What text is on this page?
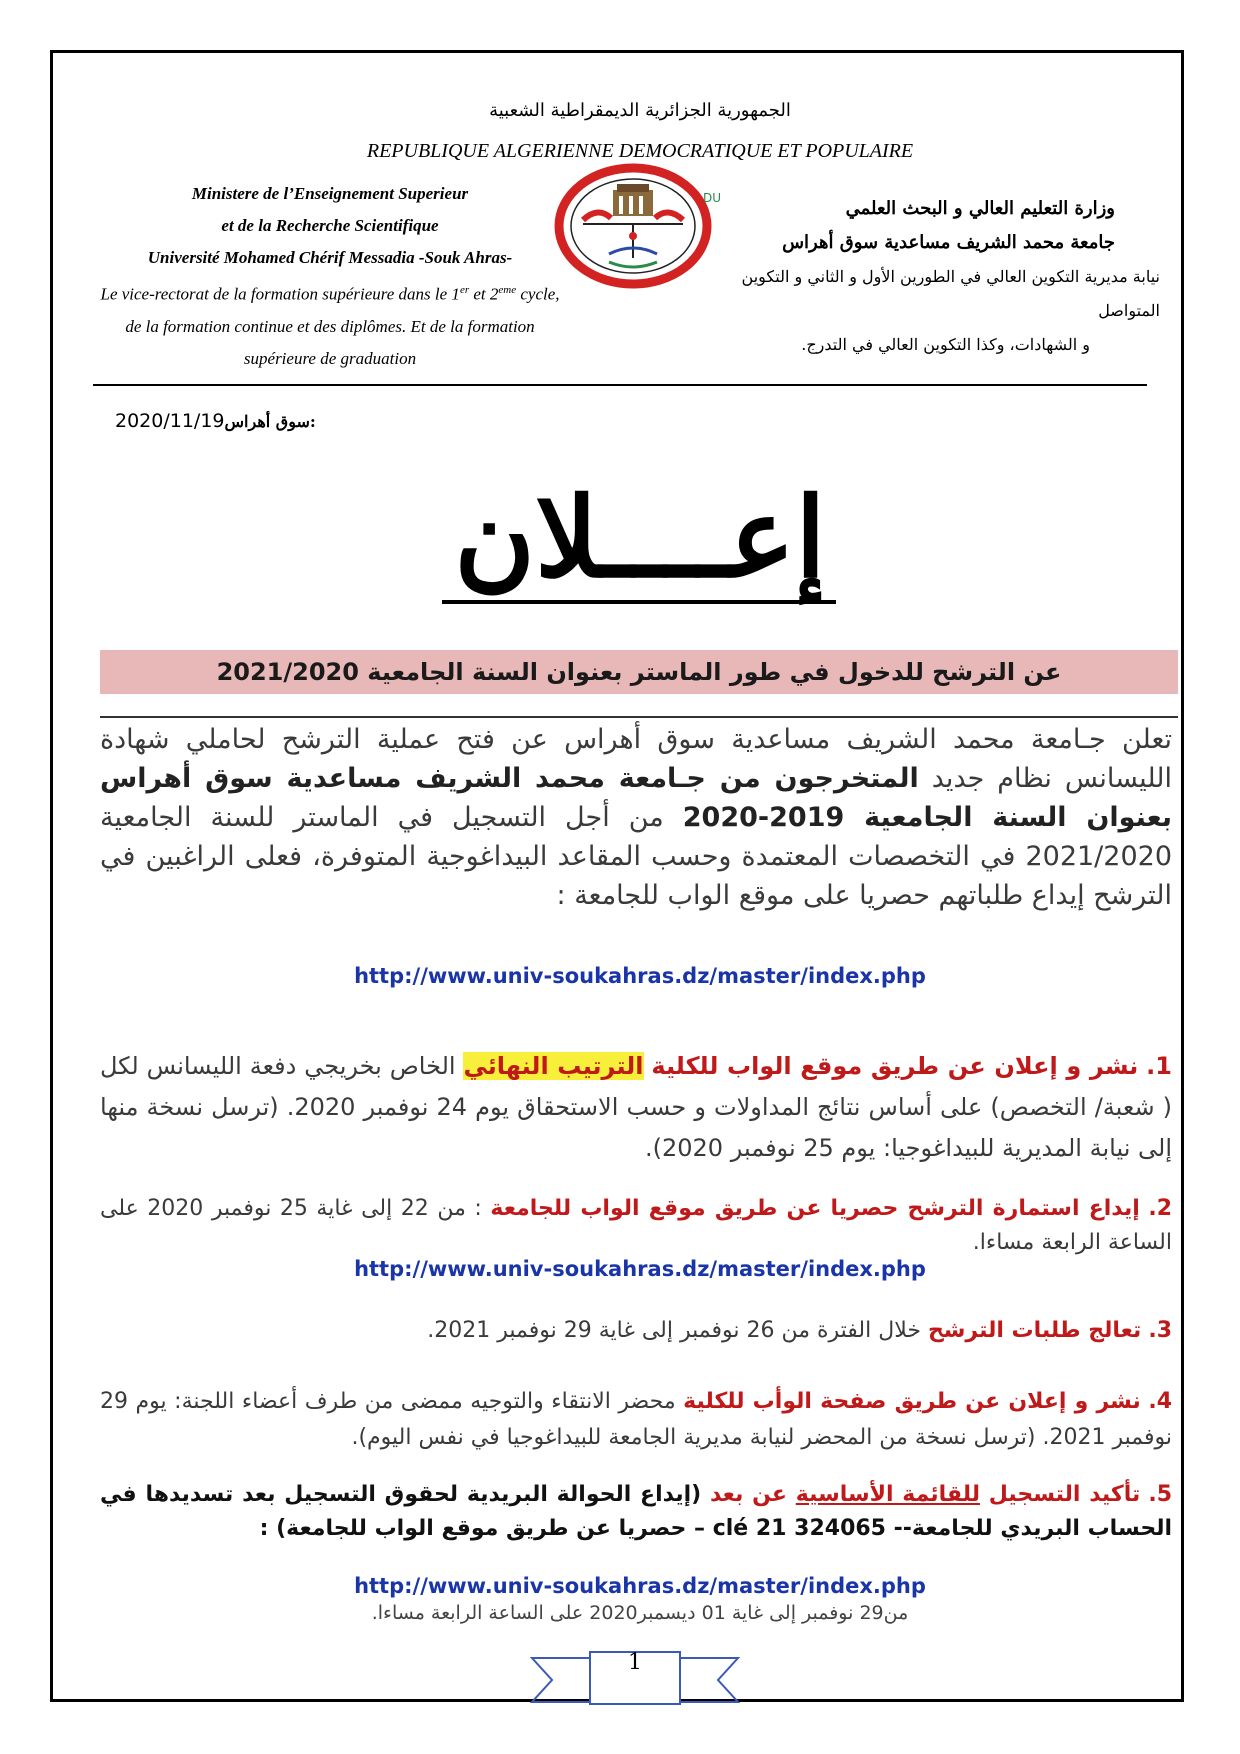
الجمهورية الجزائرية الديمقراطية الشعبية
REPUBLIQUE ALGERIENNE DEMOCRATIQUE ET POPULAIRE
Ministere de l’Enseignement Superieur
et de la Recherche Scientifique
Université Mohamed Chérif Messadia -Souk Ahras-
Le vice-rectorat de la formation supérieure dans le 1er et 2eme cycle,
de la formation continue et des diplômes. Et de la formation
supérieure de graduation
وزارة التعليم العالي و البحث العلمي
جامعة محمد الشريف مساعدية سوق أهراس
نيابة مديرية التكوين العالي في الطورين الأول و الثاني و التكوين المتواصل
و الشهادات، وكذا التكوين العالي في التدرج.
DU
2020/11/19سوق أهراس:
إعــــلان
عن الترشح للدخول في طور الماستر بعنوان السنة الجامعية 2021/2020
تعلن جـامعة محمد الشريف مساعدية سوق أهراس عن فتح عملية الترشح لحاملي شهادة الليسانس نظام جديد المتخرجون من جـامعة محمد الشريف مساعدية سوق أهراس بعنوان السنة الجامعية 2019-2020 من أجل التسجيل في الماستر للسنة الجامعية 2021/2020 في التخصصات المعتمدة وحسب المقاعد البيداغوجية المتوفرة، فعلى الراغبين في الترشح إيداع طلباتهم حصريا على موقع الواب للجامعة :
http://www.univ-soukahras.dz/master/index.php
1. نشر و إعلان عن طريق موقع الواب للكلية الترتيب النهائي الخاص بخريجي دفعة الليسانس لكل ( شعبة/ التخصص) على أساس نتائج المداولات و حسب الاستحقاق يوم 24 نوفمبر 2020. (ترسل نسخة منها إلى نيابة المديرية للبيداغوجيا: يوم 25 نوفمبر 2020).
2. إيداع استمارة الترشح حصريا عن طريق موقع الواب للجامعة : من 22 إلى غاية 25 نوفمبر 2020 على الساعة الرابعة مساءا.
http://www.univ-soukahras.dz/master/index.php
3. تعالج طلبات الترشح خلال الفترة من 26 نوفمبر إلى غاية 29 نوفمبر 2021.
4. نشر و إعلان عن طريق صفحة الوأب للكلية محضر الانتقاء والتوجيه ممضى من طرف أعضاء اللجنة: يوم 29 نوفمبر 2021. (ترسل نسخة من المحضر لنيابة مديرية الجامعة للبيداغوجيا في نفس اليوم).
5. تأكيد التسجيل للقائمة الأساسية عن بعد (إيداع الحوالة البريدية لحقوق التسجيل بعد تسديدها في الحساب البريدي للجامعة-- 324065 clé 21 – حصريا عن طريق موقع الواب للجامعة) :
http://www.univ-soukahras.dz/master/index.php
من29 نوفمبر إلى غاية 01 ديسمبر2020 على الساعة الرابعة مساءا.
1
